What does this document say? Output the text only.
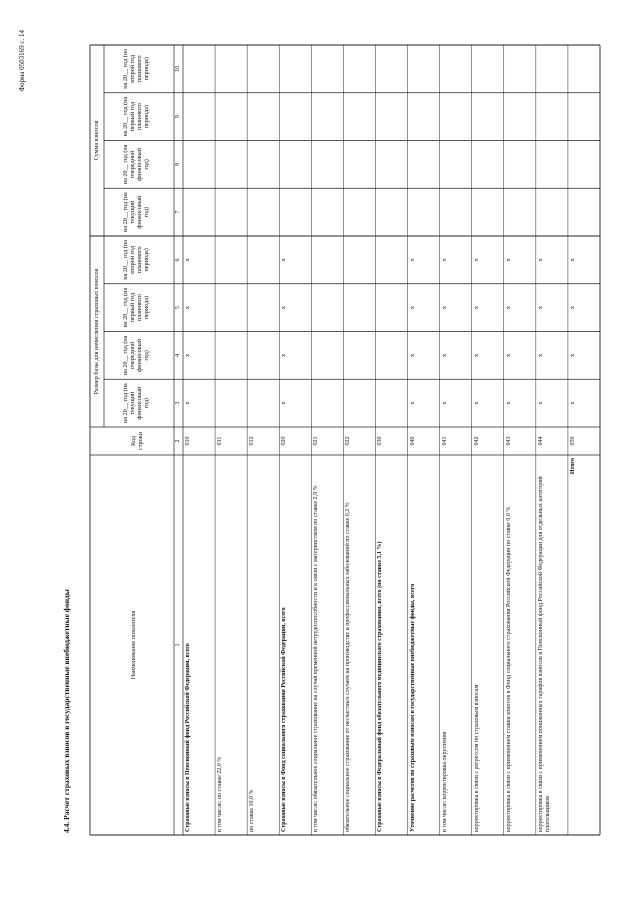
Форма 0503169 с. 14
4.4. Расчет страховых взносов в государственные внебюджетные фонды	Наименование показателя
Код строки
Размер базы для начисления страховых взносов
Сумма взносов
на 20__ год (на текущий финансовый год)
на 20__ год (на очередной финансовый год)
на 20__ год (на первый год планового периода)
на 20__ год (на второй год планового периода)
на 20__ год (на текущий финансовый год)
на 20__ год (на очередной финансовый год)
на 20__ год (на первый год планового периода)
на 20__ год (на второй год планового периода)
1
2
3
4
5
6
7
8
9
10
Страховые взносы в Пенсионный фонд Российской Федерации, всего
010
х
х
х
х
в том числе: по ставке 22,0 %
011
по ставке 10,0 %
012
Страховые взносы в Фонд социального страхования Российской Федерации, всего
020
х
х
х
х
в том числе: обязательное социальное страхование на случай временной нетрудоспособности и в связи с материнством по ставке 2,9 %
021
обязательное социальное страхование от несчастных случаев на производстве и профессиональных заболеваний по ставке 0,2 %
022
Страховые взносы в Федеральный фонд обязательного медицинского страхования, всего (по ставке 5,1 %)
030
Уточнение расчетов по страховым взносам в государственные внебюджетные фонды, всего
040
х
х
х
х
в том числе: корректировка округления
041
х
х
х
х
корректировка в связи с регрессом по страховым взносам
042
х
х
х
х
корректировка в связи с применением ставки взносов в Фонд социального страхования Российской Федерации по ставке 0,0 %
043
х
х
х
х
корректировка в связи с применением пониженных тарифов взносов в Пенсионный фонд Российской Федерации для отдельных категорий плательщиков
044
х
х
х
х
Итого
050
х
х
х
х
